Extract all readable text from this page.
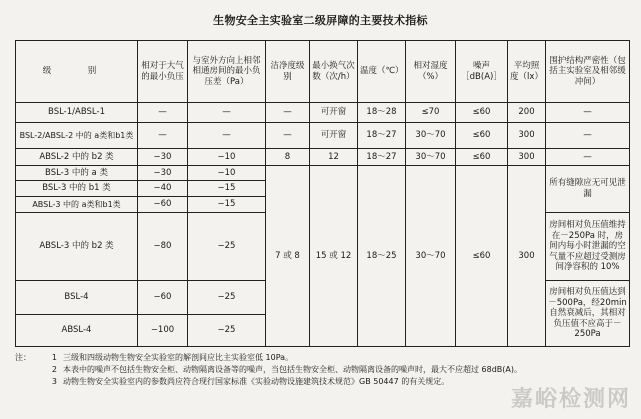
生物安全主实验室二级屏障的主要技术指标
级　别	相对于大气的最小负压	与室外方向上相邻相通房间的最小负压差（Pa）	洁净度级别	最小换气次数（次/h）	温度（℃）	相对湿度（%）	噪声［dB(A)］	平均照度（lx）	围护结构严密性（包括主实验室及相邻缓冲间）
BSL-1/ABSL-1	—	—	—	可开窗	18～28	≤70	≤60	200	—
BSL-2/ABSL-2 中的 a类和b1类	—	—	—	可开窗	18～27	30～70	≤60	300	—
ABSL-2 中的 b2 类	−30	−10	8	12	18～27	30～70	≤60	300	—
BSL-3 中的 a 类	−30	−10	7 或 8	15 或 12	18～25	30～70	≤60	300	所有缝隙应无可见泄漏
BSL-3 中的 b1 类	−40	−15							
ABSL-3 中的 a类和b1类	−60	−15							
ABSL-3 中的 b2 类	−80	−25							房间相对负压值维持在－250Pa 时，房间内每小时泄漏的空气量不应超过受测房间净容积的 10%
BSL-4	−60	−25							房间相对负压值达到－500Pa，经20min 自然衰减后，其相对负压值不应高于－250Pa
ABSL-4	−100	−25							
注：	1 三级和四级动物生物安全实验室的解剖间应比主实验室低 10Pa。
2 本表中的噪声不包括生物安全柜、动物隔离设备等的噪声，当包括生物安全柜、动物隔离设备的噪声时，最大不应超过 68dB(A)。
3 动物生物安全实验室内的参数尚应符合现行国家标准《实验动物设施建筑技术规范》GB 50447 的有关规定。
嘉峪检测网
